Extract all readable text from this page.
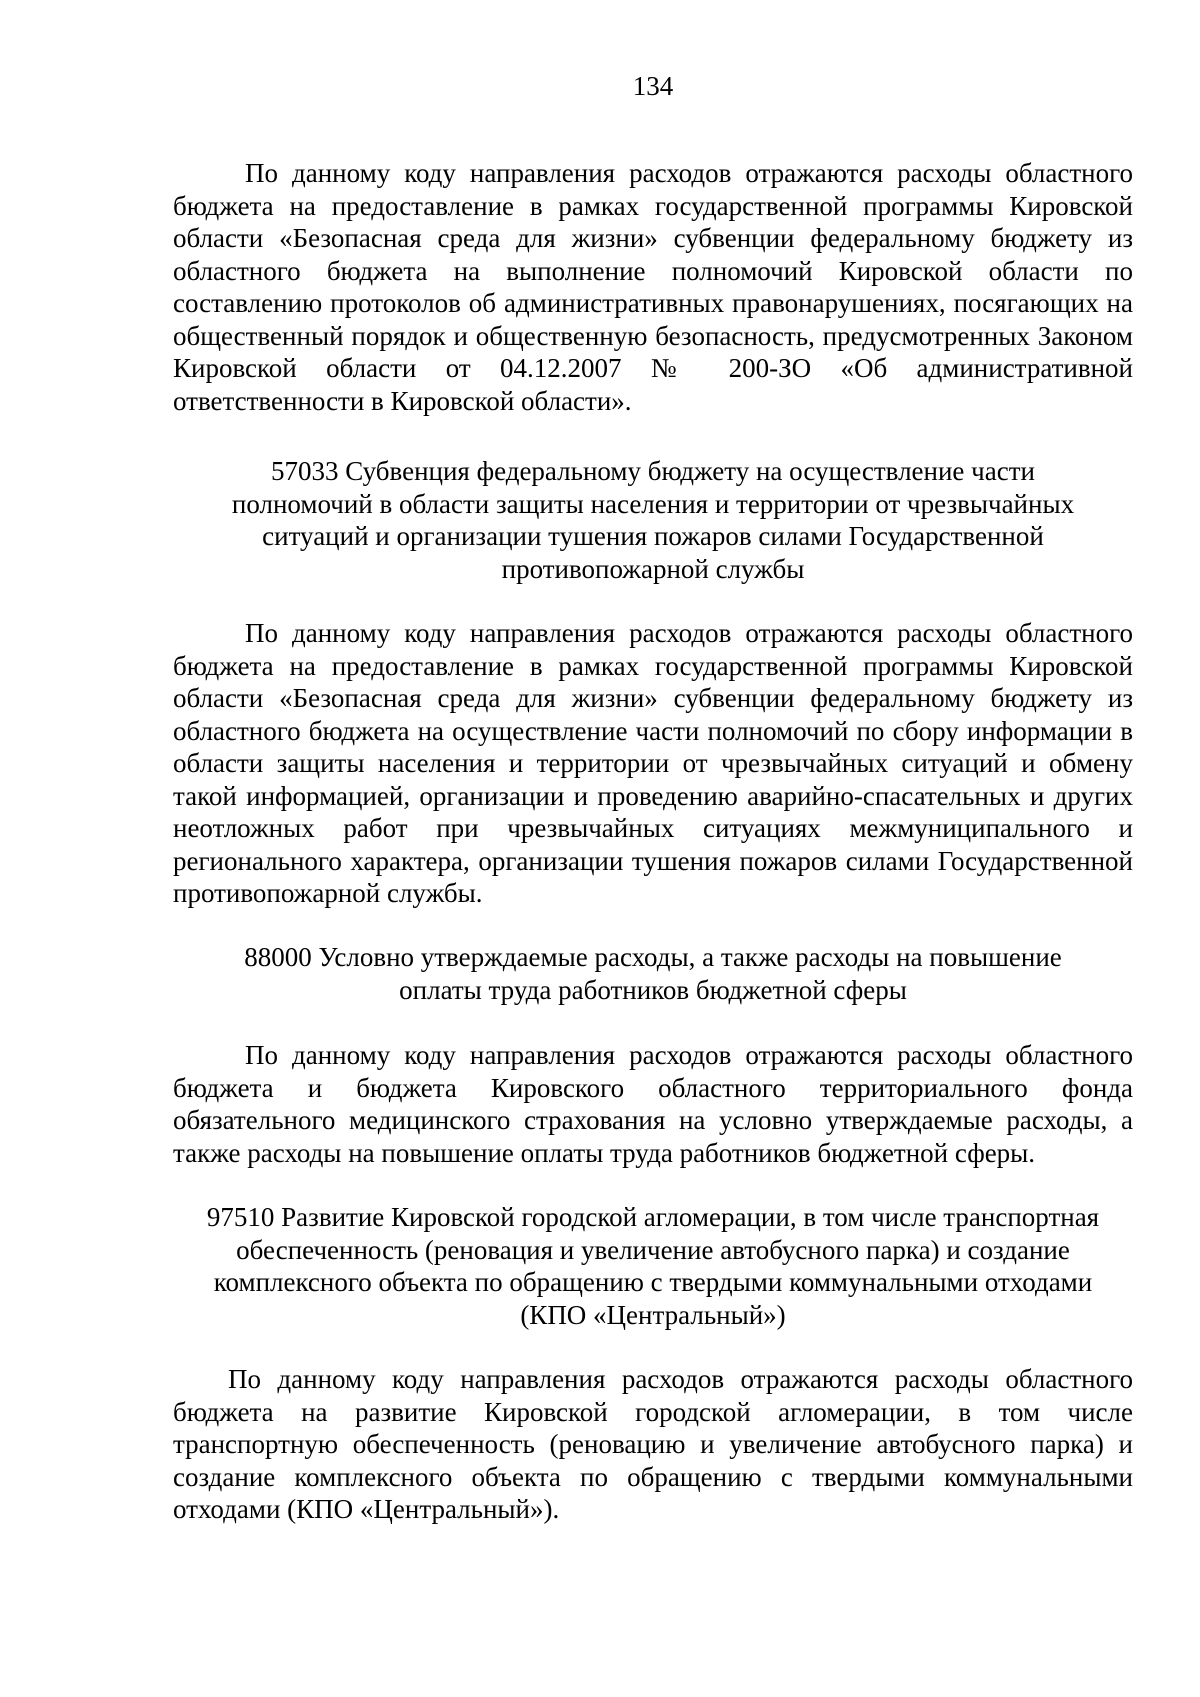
134

По данному коду направления расходов отражаются расходы областного бюджета на предоставление в рамках государственной программы Кировской области «Безопасная среда для жизни» субвенции федеральному бюджету из областного бюджета на выполнение полномочий Кировской области по составлению протоколов об административных правонарушениях, посягающих на общественный порядок и общественную безопасность, предусмотренных Законом Кировской области от 04.12.2007 № 200-ЗО «Об административной ответственности в Кировской области».

57033 Субвенция федеральному бюджету на осуществление части полномочий в области защиты населения и территории от чрезвычайных ситуаций и организации тушения пожаров силами Государственной противопожарной службы

По данному коду направления расходов отражаются расходы областного бюджета на предоставление в рамках государственной программы Кировской области «Безопасная среда для жизни» субвенции федеральному бюджету из областного бюджета на осуществление части полномочий по сбору информации в области защиты населения и территории от чрезвычайных ситуаций и обмену такой информацией, организации и проведению аварийно-спасательных и других неотложных работ при чрезвычайных ситуациях межмуниципального и регионального характера, организации тушения пожаров силами Государственной противопожарной службы.

88000 Условно утверждаемые расходы, а также расходы на повышение оплаты труда работников бюджетной сферы

По данному коду направления расходов отражаются расходы областного бюджета и бюджета Кировского областного территориального фонда обязательного медицинского страхования на условно утверждаемые расходы, а также расходы на повышение оплаты труда работников бюджетной сферы.

97510 Развитие Кировской городской агломерации, в том числе транспортная обеспеченность (реновация и увеличение автобусного парка) и создание комплексного объекта по обращению с твердыми коммунальными отходами (КПО «Центральный»)

По данному коду направления расходов отражаются расходы областного бюджета на развитие Кировской городской агломерации, в том числе транспортную обеспеченность (реновацию и увеличение автобусного парка) и создание комплексного объекта по обращению с твердыми коммунальными отходами (КПО «Центральный»).
